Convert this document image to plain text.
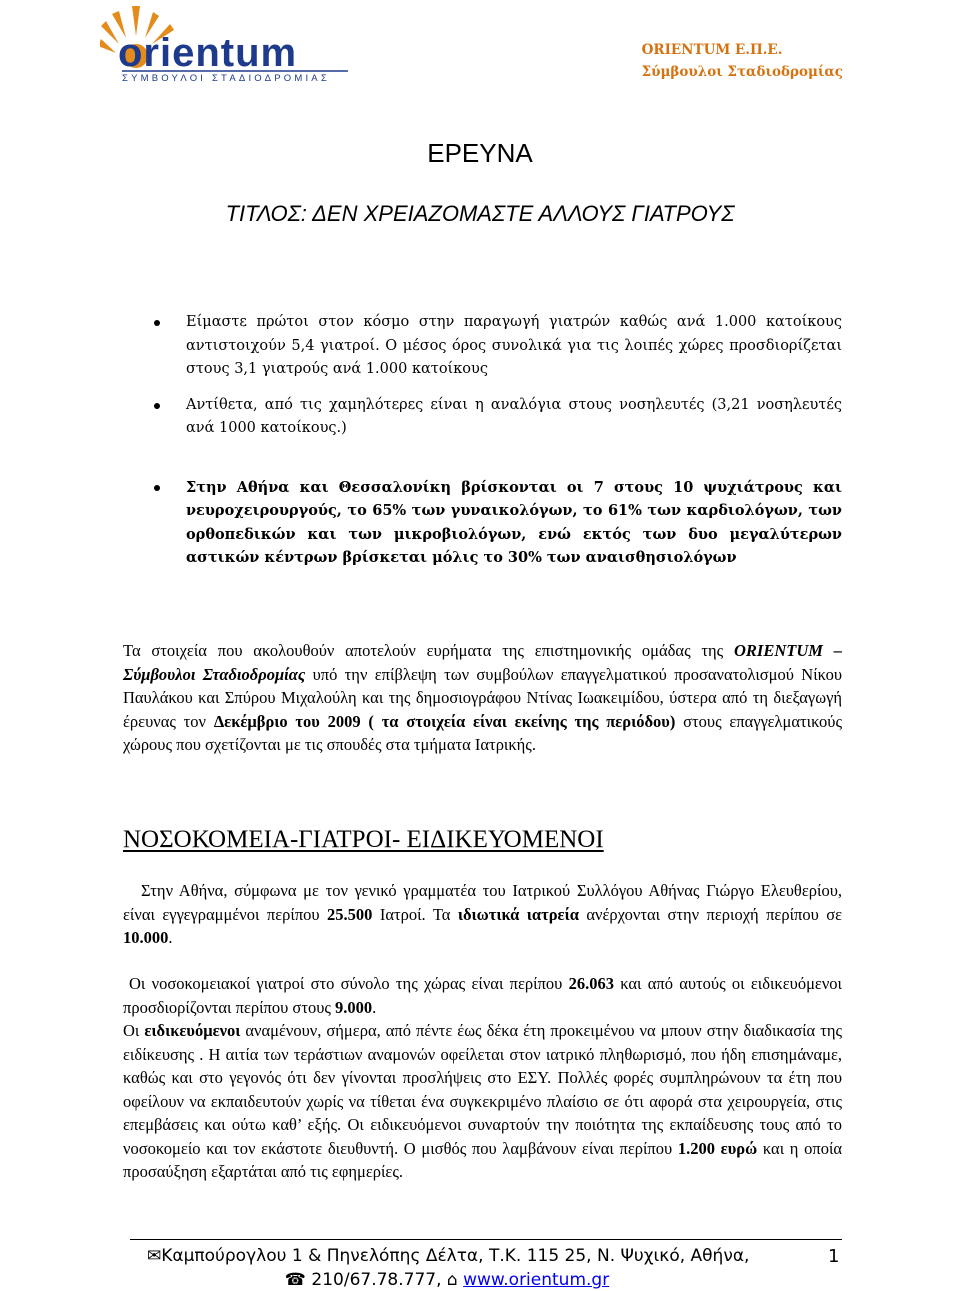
orientum
ΣΥΜΒΟΥΛΟΙ ΣΤΑΔΙΟΔΡΟΜΙΑΣ
ORIENTUM Ε.Π.Ε.
Σύμβουλοι Σταδιοδρομίας
ΕΡΕΥΝΑ
ΤΙΤΛΟΣ: ΔΕΝ ΧΡΕΙΑΖΟΜΑΣΤΕ ΑΛΛΟΥΣ ΓΙΑΤΡΟΥΣ
Είμαστε πρώτοι στον κόσμο στην παραγωγή γιατρών καθώς ανά 1.000 κατοίκους αντιστοιχούν 5,4 γιατροί. Ο μέσος όρος συνολικά για τις λοιπές χώρες προσδιορίζεται στους 3,1 γιατρούς ανά 1.000 κατοίκους
Αντίθετα, από τις χαμηλότερες είναι η αναλόγια στους νοσηλευτές (3,21 νοσηλευτές ανά 1000 κατοίκους.)
Στην Αθήνα και Θεσσαλονίκη βρίσκονται οι 7 στους 10 ψυχιάτρους και νευροχειρουργούς, το 65% των γυναικολόγων, το 61% των καρδιολόγων, των ορθοπεδικών και των μικροβιολόγων, ενώ εκτός των δυο μεγαλύτερων αστικών κέντρων βρίσκεται μόλις το 30% των αναισθησιολόγων

Τα στοιχεία που ακολουθούν αποτελούν ευρήματα της επιστημονικής ομάδας της ORIENTUM – Σύμβουλοι Σταδιοδρομίας υπό την επίβλεψη των συμβούλων επαγγελματικού προσανατολισμού Νίκου Παυλάκου και Σπύρου Μιχαλούλη και της δημοσιογράφου Ντίνας Ιωακειμίδου, ύστερα από τη διεξαγωγή έρευνας τον Δεκέμβριο του 2009 ( τα στοιχεία είναι εκείνης της περιόδου) στους επαγγελματικούς χώρους που σχετίζονται με τις σπουδές στα τμήματα Ιατρικής.

ΝΟΣΟΚΟΜΕΙΑ-ΓΙΑΤΡΟΙ- ΕΙΔΙΚΕΥΟΜΕΝΟΙ

Στην Αθήνα, σύμφωνα με τον γενικό γραμματέα του Ιατρικού Συλλόγου Αθήνας Γιώργο Ελευθερίου, είναι εγγεγραμμένοι περίπου 25.500 Ιατροί. Τα ιδιωτικά ιατρεία ανέρχονται στην περιοχή περίπου σε 10.000.

Οι νοσοκομειακοί γιατροί στο σύνολο της χώρας είναι περίπου 26.063 και από αυτούς οι ειδικευόμενοι προσδιορίζονται περίπου στους 9.000.

Οι ειδικευόμενοι αναμένουν, σήμερα, από πέντε έως δέκα έτη προκειμένου να μπουν στην διαδικασία της ειδίκευσης . Η αιτία των τεράστιων αναμονών οφείλεται στον ιατρικό πληθωρισμό, που ήδη επισημάναμε, καθώς και στο γεγονός ότι δεν γίνονται προσλήψεις στο ΕΣΥ. Πολλές φορές συμπληρώνουν τα έτη που οφείλουν να εκπαιδευτούν χωρίς να τίθεται ένα συγκεκριμένο πλαίσιο σε ότι αφορά στα χειρουργεία, στις επεμβάσεις και ούτω καθ’ εξής. Οι ειδικευόμενοι συναρτούν την ποιότητα της εκπαίδευσης τους από το νοσοκομείο και τον εκάστοτε διευθυντή. Ο μισθός που λαμβάνουν είναι περίπου 1.200 ευρώ και η οποία προσαύξηση εξαρτάται από τις εφημερίες.

✉Καμπούρογλου 1 & Πηνελόπης Δέλτα, Τ.Κ. 115 25, Ν. Ψυχικό, Αθήνα,
☎ 210/67.78.777, ⌂ www.orientum.gr
1
